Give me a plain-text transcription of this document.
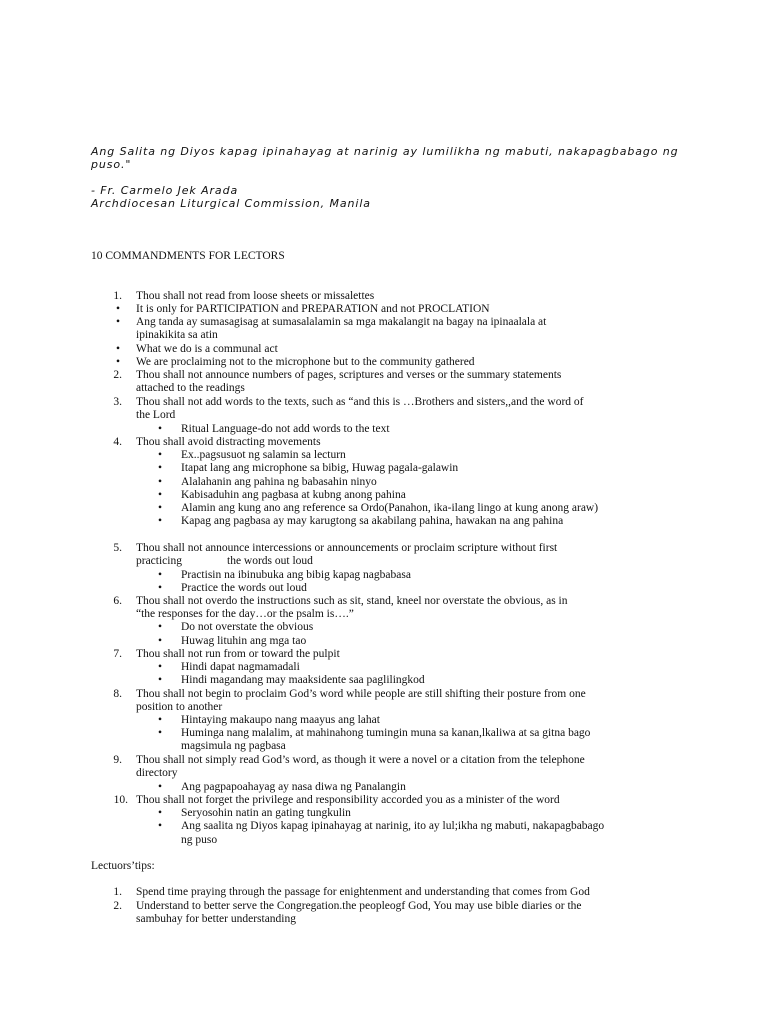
Ang Salita ng Diyos kapag ipinahayag at narinig ay lumilikha ng mabuti, nakapagbabago ng
puso."
- Fr. Carmelo Jek Arada
Archdiocesan Liturgical Commission, Manila
10 COMMANDMENTS FOR LECTORS
1. Thou shall not read from loose sheets or missalettes
• It is only for PARTICIPATION and PREPARATION and not PROCLATION
• Ang tanda ay sumasagisag at sumasalalamin sa mga makalangit na bagay na ipinaalala at
ipinakikita sa atin
• What we do is a communal act
• We are proclaiming not to the microphone but to the community gathered
2. Thou shall not announce numbers of pages, scriptures and verses or the summary statements
attached to the readings
3. Thou shall not add words to the texts, such as “and this is …Brothers and sisters,,and the word of
the Lord
• Ritual Language-do not add words to the text
4. Thou shall avoid distracting movements
• Ex..pagsusuot ng salamin sa lecturn
• Itapat lang ang microphone sa bibig, Huwag pagala-galawin
• Alalahanin ang pahina ng babasahin ninyo
• Kabisaduhin ang pagbasa at kubng anong pahina
• Alamin ang kung ano ang reference sa Ordo(Panahon, ika-ilang lingo at kung anong araw)
• Kapag ang pagbasa ay may karugtong sa akabilang pahina, hawakan na ang pahina
5. Thou shall not announce intercessions or announcements or proclaim scripture without first
practicing	the words out loud
• Practisin na ibinubuka ang bibig kapag nagbabasa
• Practice the words out loud
6. Thou shall not overdo the instructions such as sit, stand, kneel nor overstate the obvious, as in
“the responses for the day…or the psalm is….”
• Do not overstate the obvious
• Huwag lituhin ang mga tao
7. Thou shall not run from or toward the pulpit
• Hindi dapat nagmamadali
• Hindi magandang may maaksidente saa paglilingkod
8. Thou shall not begin to proclaim God’s word while people are still shifting their posture from one
position to another
• Hintaying makaupo nang maayus ang lahat
• Huminga nang malalim, at mahinahong tumingin muna sa kanan,lkaliwa at sa gitna bago
magsimula ng pagbasa
9. Thou shall not simply read God’s word, as though it were a novel or a citation from the telephone
directory
• Ang pagpapoahayag ay nasa diwa ng Panalangin
10. Thou shall not forget the privilege and responsibility accorded you as a minister of the word
• Seryosohin natin an gating tungkulin
• Ang saalita ng Diyos kapag ipinahayag at narinig, ito ay lul;ikha ng mabuti, nakapagbabago
ng puso
Lectuors’tips:
1. Spend time praying through the passage for enightenment and understanding that comes from God
2. Understand to better serve the Congregation.the peopleogf God, You may use bible diaries or the
sambuhay for better understanding
